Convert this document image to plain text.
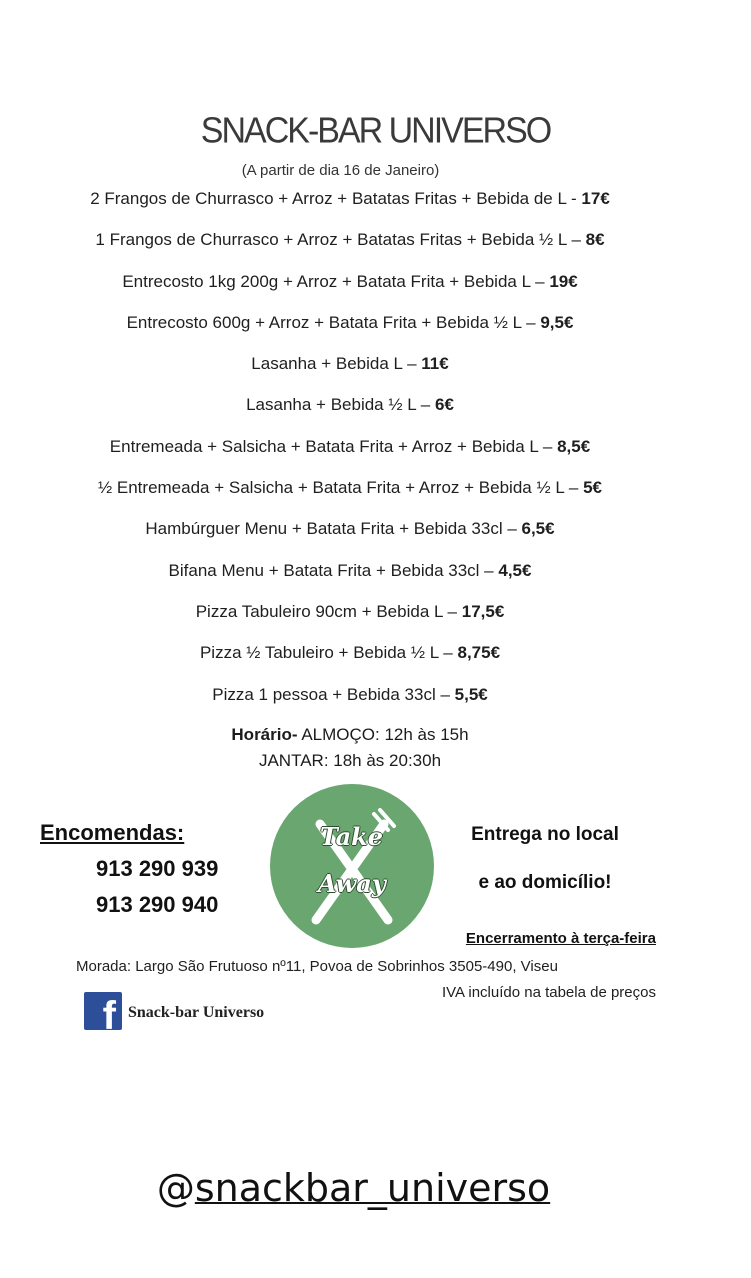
SNACK-BAR UNIVERSO
(A partir de dia 16 de Janeiro)
2 Frangos de Churrasco + Arroz + Batatas Fritas + Bebida de L - 17€
1 Frangos de Churrasco + Arroz + Batatas Fritas + Bebida ½ L – 8€
Entrecosto 1kg 200g + Arroz + Batata Frita + Bebida L – 19€
Entrecosto 600g + Arroz + Batata Frita + Bebida ½ L – 9,5€
Lasanha + Bebida L – 11€
Lasanha + Bebida ½ L – 6€
Entremeada + Salsicha + Batata Frita + Arroz + Bebida L – 8,5€
½ Entremeada + Salsicha + Batata Frita + Arroz + Bebida ½ L – 5€
Hambúrguer Menu + Batata Frita + Bebida 33cl – 6,5€
Bifana Menu + Batata Frita + Bebida 33cl – 4,5€
Pizza Tabuleiro 90cm + Bebida L – 17,5€
Pizza ½ Tabuleiro + Bebida ½ L – 8,75€
Pizza 1 pessoa + Bebida 33cl – 5,5€
Horário- ALMOÇO: 12h às 15h
JANTAR: 18h às 20:30h
Encomendas:
913 290 939
913 290 940
Take
Away
Entrega no local
e ao domicílio!
Encerramento à terça-feira
Morada: Largo São Frutuoso nº11, Povoa de Sobrinhos 3505-490, Viseu
IVA incluído na tabela de preços
f Snack-bar Universo
@snackbar_universo
